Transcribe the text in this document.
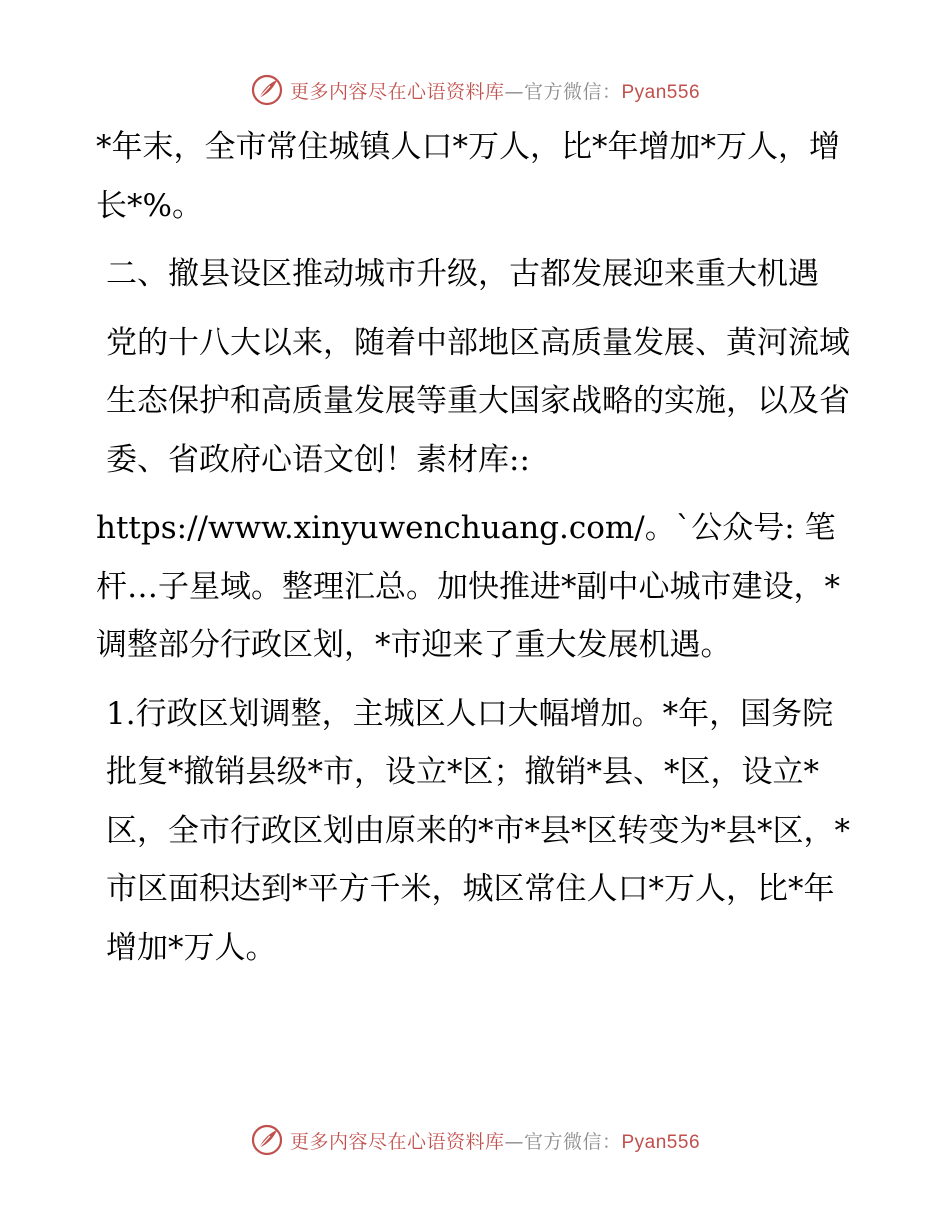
更多内容尽在心语资料库—官方微信：Pyan556

*年末，全市常住城镇人口*万人，比*年增加*万人，增长*%。

二、撤县设区推动城市升级，古都发展迎来重大机遇

党的十八大以来，随着中部地区高质量发展、黄河流域生态保护和高质量发展等重大国家战略的实施，以及省委、省政府心语文创！素材库::

https://www.xinyuwenchuang.com/。`公众号: 笔杆…子星域。整理汇总。加快推进*副中心城市建设，*调整部分行政区划，*市迎来了重大发展机遇。

1.行政区划调整，主城区人口大幅增加。*年，国务院批复*撤销县级*市，设立*区；撤销*县、*区，设立*区，全市行政区划由原来的*市*县*区转变为*县*区，*市区面积达到*平方千米，城区常住人口*万人，比*年增加*万人。

更多内容尽在心语资料库—官方微信：Pyan556
